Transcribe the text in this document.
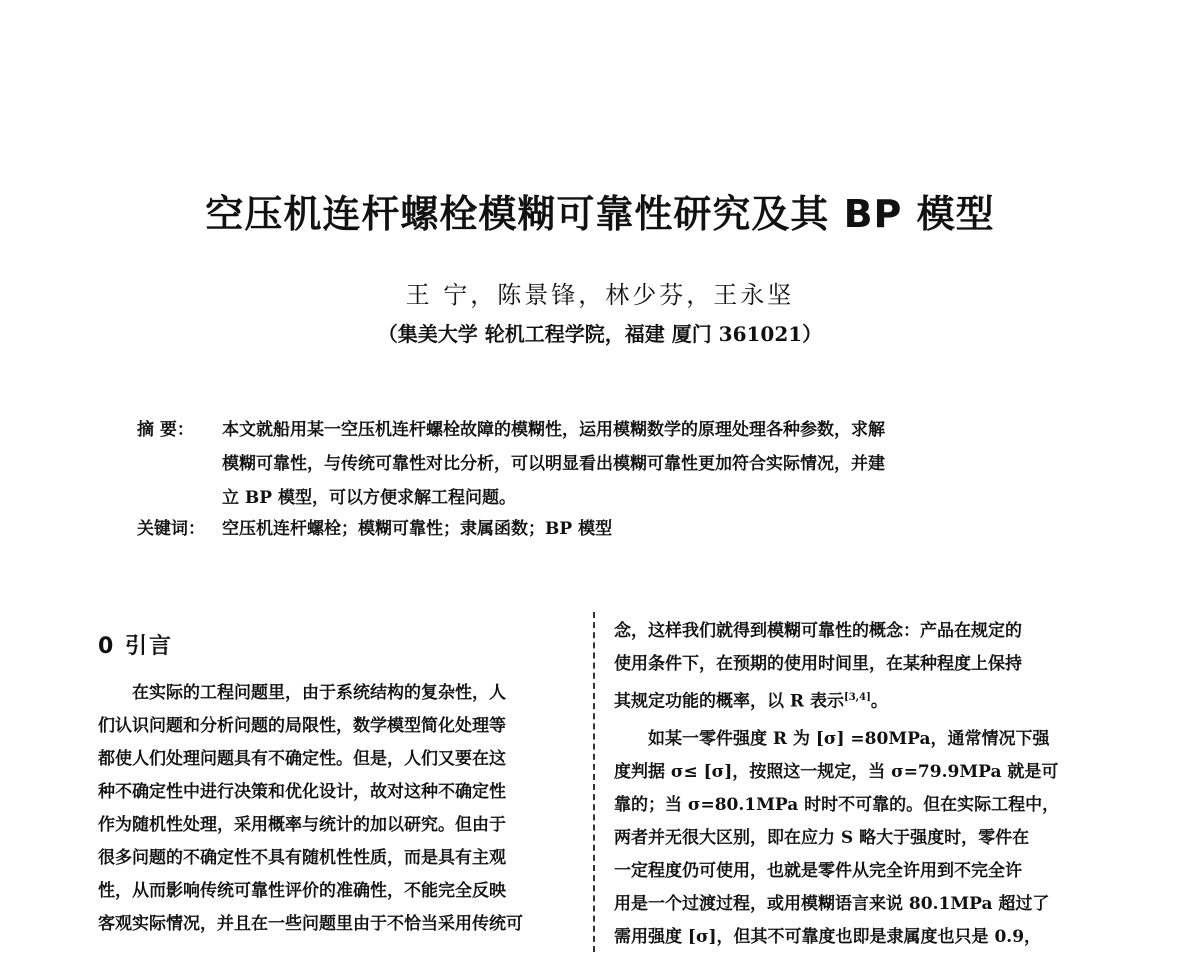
空压机连杆螺栓模糊可靠性研究及其 BP 模型
王 宁，陈景锋，林少芬，王永坚
（集美大学 轮机工程学院，福建 厦门 361021）
摘 要：	本文就船用某一空压机连杆螺栓故障的模糊性，运用模糊数学的原理处理各种参数，求解
模糊可靠性，与传统可靠性对比分析，可以明显看出模糊可靠性更加符合实际情况，并建
立 BP 模型，可以方便求解工程问题。
关键词： 空压机连杆螺栓；模糊可靠性；隶属函数；BP 模型
0 引言
在实际的工程问题里，由于系统结构的复杂性，人
们认识问题和分析问题的局限性，数学模型简化处理等
都使人们处理问题具有不确定性。但是，人们又要在这
种不确定性中进行决策和优化设计，故对这种不确定性
作为随机性处理，采用概率与统计的加以研究。但由于
很多问题的不确定性不具有随机性性质，而是具有主观
性，从而影响传统可靠性评价的准确性，不能完全反映
客观实际情况，并且在一些问题里由于不恰当采用传统可
念，这样我们就得到模糊可靠性的概念：产品在规定的
使用条件下，在预期的使用时间里，在某种程度上保持
其规定功能的概率，以 R 表示[3,4]。
如某一零件强度 R 为 [σ] =80MPa，通常情况下强
度判据 σ≤ [σ]，按照这一规定，当 σ=79.9MPa 就是可
靠的；当 σ=80.1MPa 时时不可靠的。但在实际工程中，
两者并无很大区别，即在应力 S 略大于强度时，零件在
一定程度仍可使用，也就是零件从完全许用到不完全许
用是一个过渡过程，或用模糊语言来说 80.1MPa 超过了
需用强度 [σ]，但其不可靠度也即是隶属度也只是 0.9，
